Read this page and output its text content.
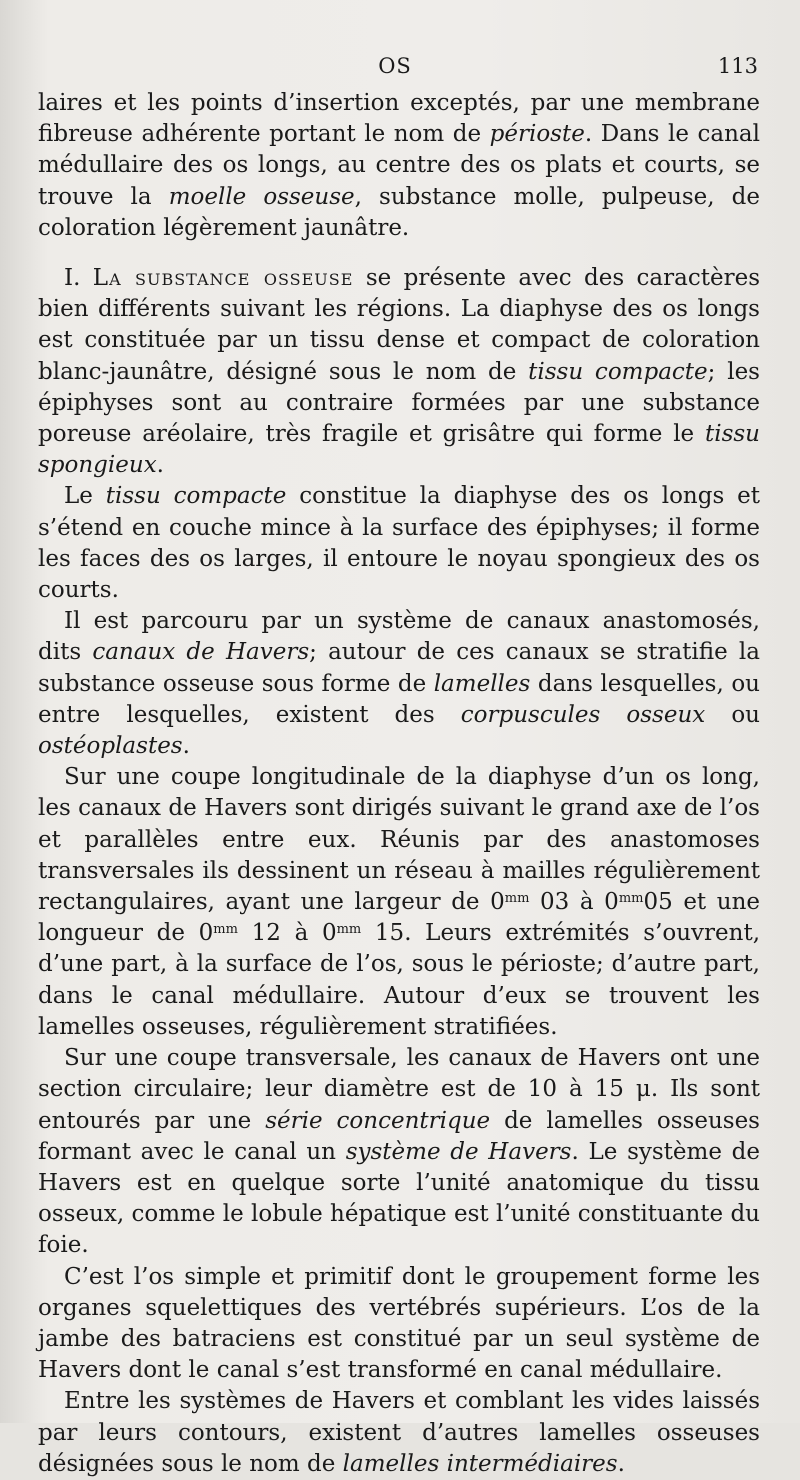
OS	113

laires et les points d’insertion exceptés, par une membrane fibreuse adhérente portant le nom de périoste. Dans le canal médullaire des os longs, au centre des os plats et courts, se trouve la moelle osseuse, substance molle, pulpeuse, de coloration légèrement jaunâtre.

I. La substance osseuse se présente avec des caractères bien différents suivant les régions. La diaphyse des os longs est constituée par un tissu dense et compact de coloration blanc-jaunâtre, désigné sous le nom de tissu compacte; les épiphyses sont au contraire formées par une substance poreuse aréolaire, très fragile et grisâtre qui forme le tissu spongieux.

Le tissu compacte constitue la diaphyse des os longs et s’étend en couche mince à la surface des épiphyses; il forme les faces des os larges, il entoure le noyau spongieux des os courts.

Il est parcouru par un système de canaux anastomosés, dits canaux de Havers; autour de ces canaux se stratifie la substance osseuse sous forme de lamelles dans lesquelles, ou entre lesquelles, existent des corpuscules osseux ou ostéoplastes.

Sur une coupe longitudinale de la diaphyse d’un os long, les canaux de Havers sont dirigés suivant le grand axe de l’os et parallèles entre eux. Réunis par des anastomoses transversales ils dessinent un réseau à mailles régulièrement rectangulaires, ayant une largeur de $0^{mm}$ 03 à $0^{mm}05$ et une longueur de $0^{mm}$ 12 à $0^{mm}$ 15. Leurs extrémités s’ouvrent, d’une part, à la surface de l’os, sous le périoste; d’autre part, dans le canal médullaire. Autour d’eux se trouvent les lamelles osseuses, régulièrement stratifiées.

Sur une coupe transversale, les canaux de Havers ont une section circulaire; leur diamètre est de 10 à 15 μ. Ils sont entourés par une série concentrique de lamelles osseuses formant avec le canal un système de Havers. Le système de Havers est en quelque sorte l’unité anatomique du tissu osseux, comme le lobule hépatique est l’unité constituante du foie.

C’est l’os simple et primitif dont le groupement forme les organes squelettiques des vertébrés supérieurs. L’os de la jambe des batraciens est constitué par un seul système de Havers dont le canal s’est transformé en canal médullaire.

Entre les systèmes de Havers et comblant les vides laissés par leurs contours, existent d’autres lamelles osseuses désignées sous le nom de lamelles intermédiaires.
